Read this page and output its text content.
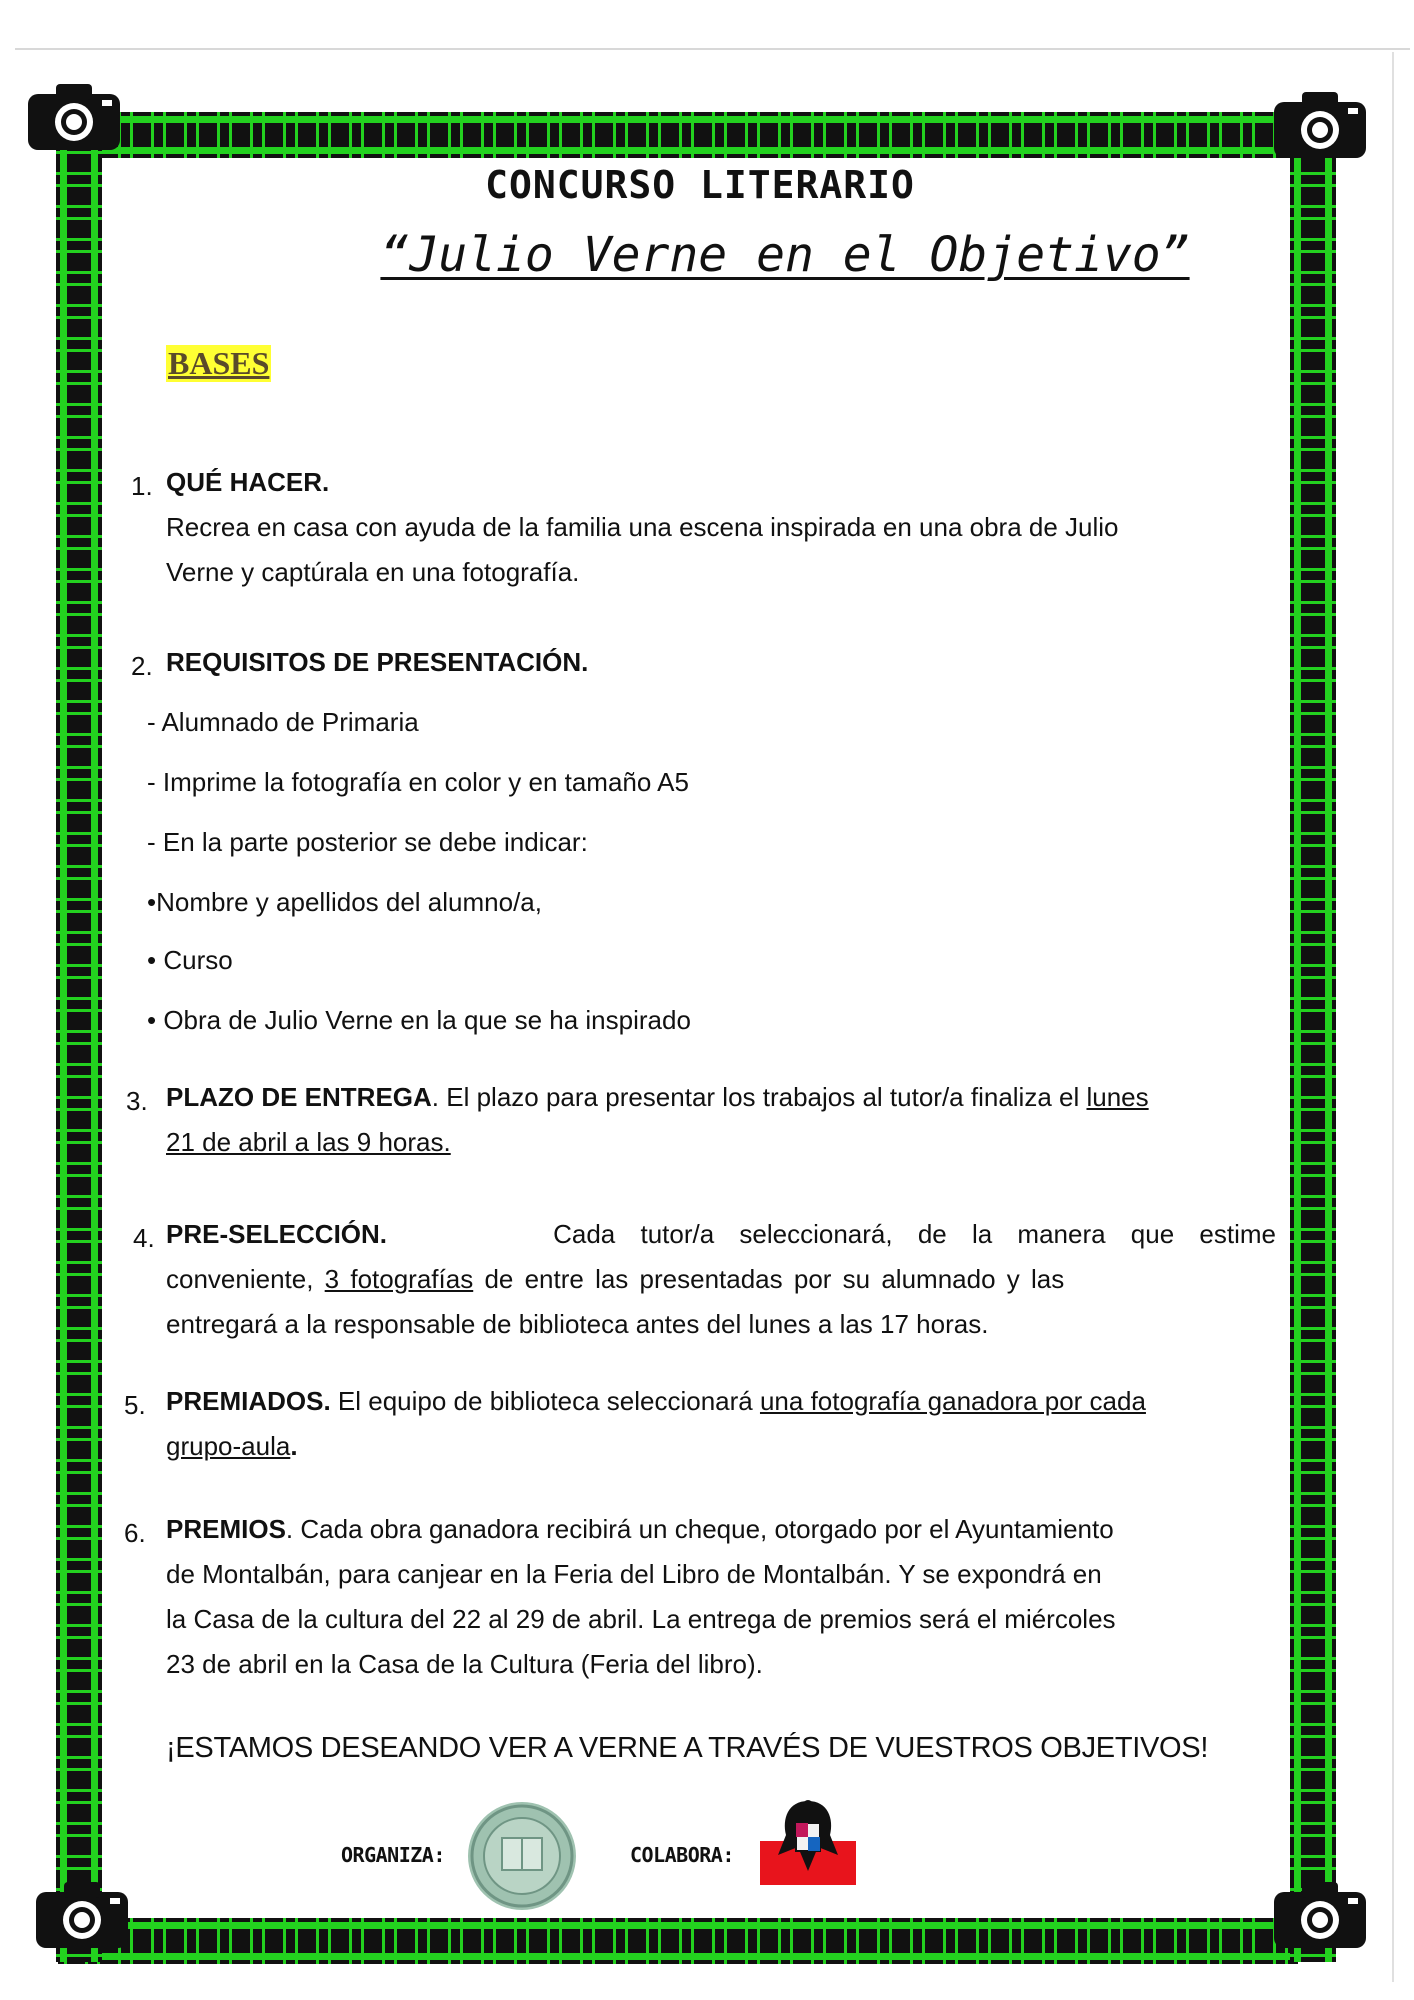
CONCURSO LITERARIO
“Julio Verne en el Objetivo”
BASES
1. QUÉ HACER.
Recrea en casa con ayuda de la familia una escena inspirada en una obra de Julio
Verne y captúrala en una fotografía.
2. REQUISITOS DE PRESENTACIÓN.
- Alumnado de Primaria
- Imprime la fotografía en color y en tamaño A5
- En la parte posterior se debe indicar:
•Nombre y apellidos del alumno/a,
• Curso
• Obra de Julio Verne en la que se ha inspirado
3. PLAZO DE ENTREGA. El plazo para presentar los trabajos al tutor/a finaliza el lunes
21 de abril a las 9 horas.
4. PRE-SELECCIÓN.	Cada tutor/a seleccionará, de la manera que estime
conveniente, 3 fotografías de entre las presentadas por su alumnado y las
entregará a la responsable de biblioteca antes del lunes a las 17 horas.
5. PREMIADOS. El equipo de biblioteca seleccionará una fotografía ganadora por cada
grupo-aula.
6. PREMIOS. Cada obra ganadora recibirá un cheque, otorgado por el Ayuntamiento
de Montalbán, para canjear en la Feria del Libro de Montalbán. Y se expondrá en
la Casa de la cultura del 22 al 29 de abril. La entrega de premios será el miércoles
23 de abril en la Casa de la Cultura (Feria del libro).
¡ESTAMOS DESEANDO VER A VERNE A TRAVÉS DE VUESTROS OBJETIVOS!
ORGANIZA:	COLABORA:
